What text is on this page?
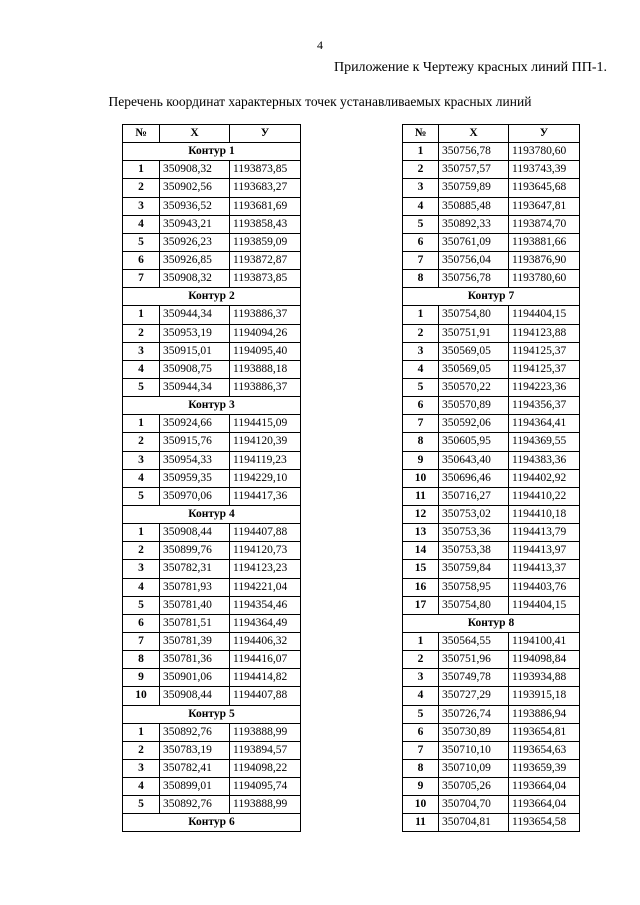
4
Приложение к Чертежу красных линий ПП-1.
Перечень координат характерных точек устанавливаемых красных линий
№	X	У
Контур 1		
1	350908,32	1193873,85
2	350902,56	1193683,27
3	350936,52	1193681,69
4	350943,21	1193858,43
5	350926,23	1193859,09
6	350926,85	1193872,87
7	350908,32	1193873,85
Контур 2		
1	350944,34	1193886,37
2	350953,19	1194094,26
3	350915,01	1194095,40
4	350908,75	1193888,18
5	350944,34	1193886,37
Контур 3		
1	350924,66	1194415,09
2	350915,76	1194120,39
3	350954,33	1194119,23
4	350959,35	1194229,10
5	350970,06	1194417,36
Контур 4		
1	350908,44	1194407,88
2	350899,76	1194120,73
3	350782,31	1194123,23
4	350781,93	1194221,04
5	350781,40	1194354,46
6	350781,51	1194364,49
7	350781,39	1194406,32
8	350781,36	1194416,07
9	350901,06	1194414,82
10	350908,44	1194407,88
Контур 5		
1	350892,76	1193888,99
2	350783,19	1193894,57
3	350782,41	1194098,22
4	350899,01	1194095,74
5	350892,76	1193888,99
Контур 6		
№	X	У
1	350756,78	1193780,60
2	350757,57	1193743,39
3	350759,89	1193645,68
4	350885,48	1193647,81
5	350892,33	1193874,70
6	350761,09	1193881,66
7	350756,04	1193876,90
8	350756,78	1193780,60
Контур 7		
1	350754,80	1194404,15
2	350751,91	1194123,88
3	350569,05	1194125,37
4	350569,05	1194125,37
5	350570,22	1194223,36
6	350570,89	1194356,37
7	350592,06	1194364,41
8	350605,95	1194369,55
9	350643,40	1194383,36
10	350696,46	1194402,92
11	350716,27	1194410,22
12	350753,02	1194410,18
13	350753,36	1194413,79
14	350753,38	1194413,97
15	350759,84	1194413,37
16	350758,95	1194403,76
17	350754,80	1194404,15
Контур 8		
1	350564,55	1194100,41
2	350751,96	1194098,84
3	350749,78	1193934,88
4	350727,29	1193915,18
5	350726,74	1193886,94
6	350730,89	1193654,81
7	350710,10	1193654,63
8	350710,09	1193659,39
9	350705,26	1193664,04
10	350704,70	1193664,04
11	350704,81	1193654,58
